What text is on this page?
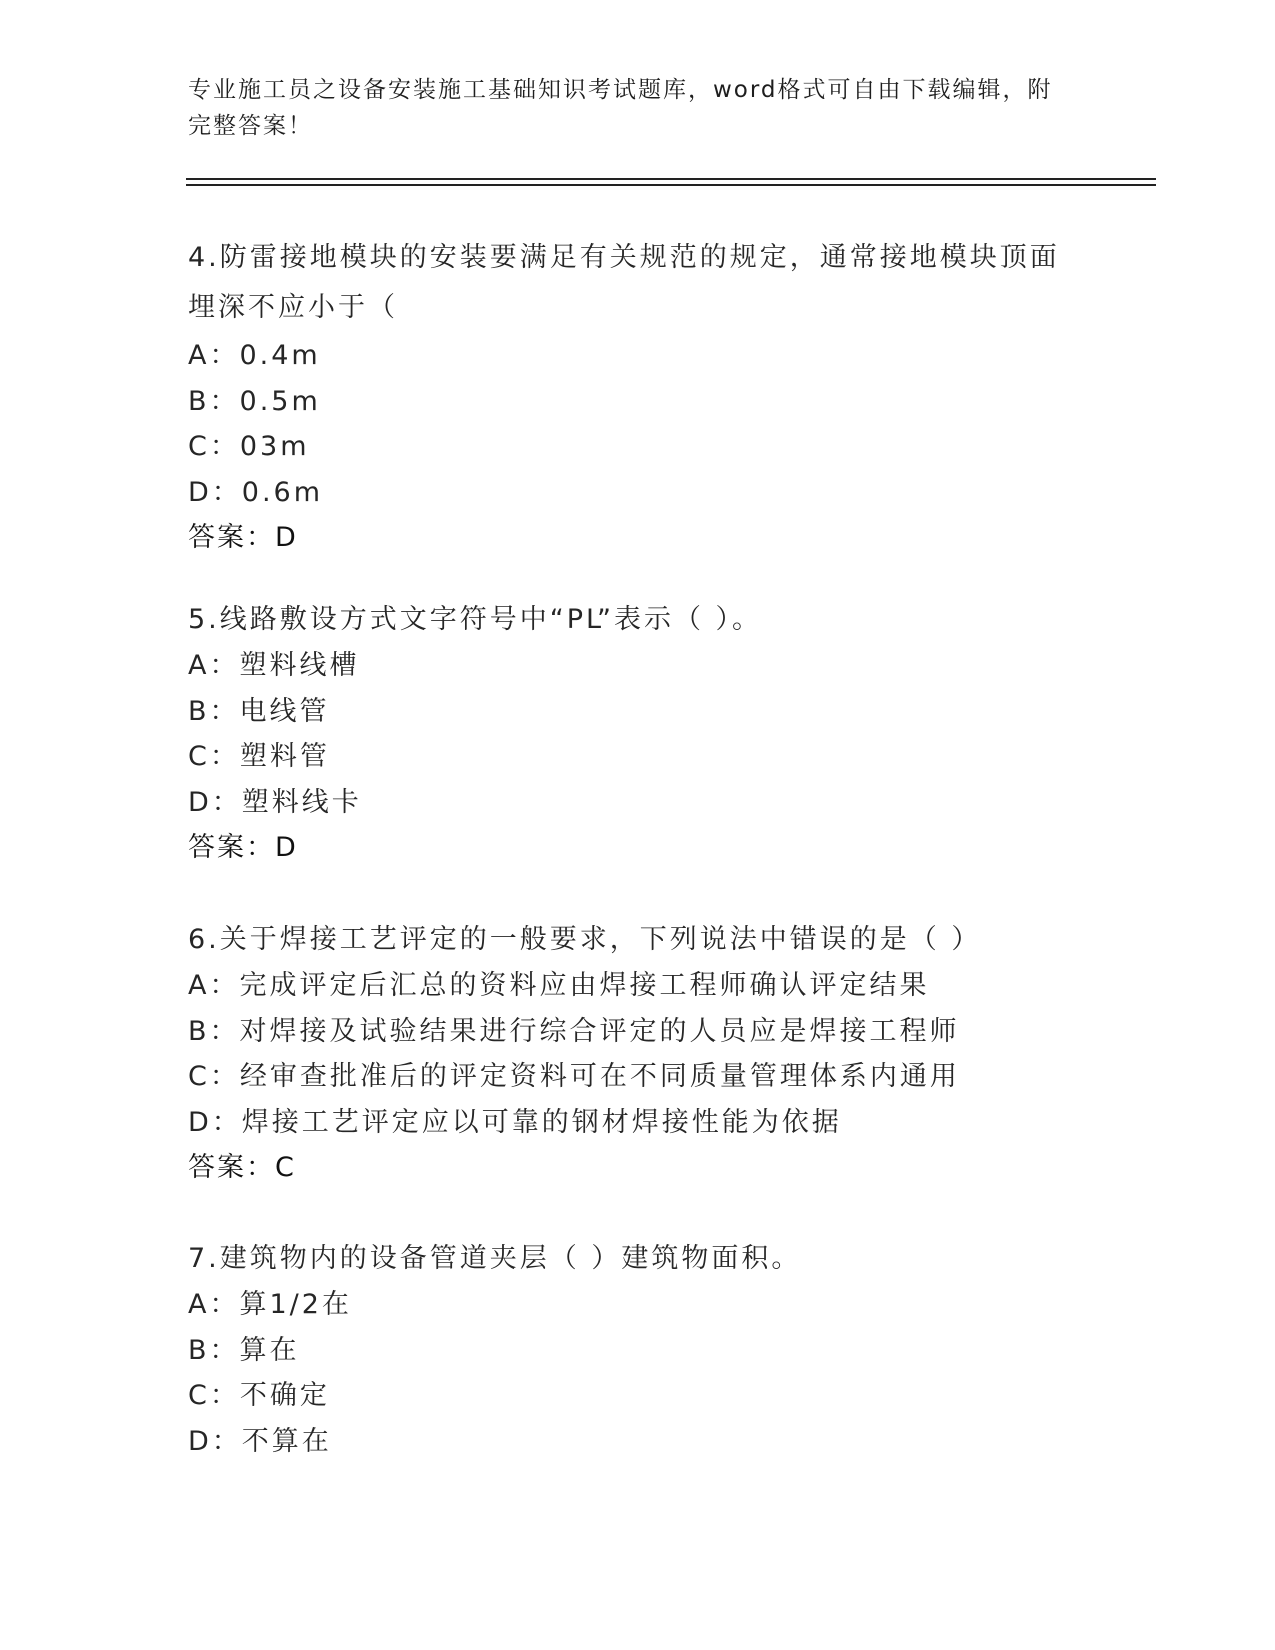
专业施工员之设备安装施工基础知识考试题库，word格式可自由下载编辑，附完整答案！
4.防雷接地模块的安装要满足有关规范的规定，通常接地模块顶面埋深不应小于（
A：0.4m
B：0.5m
C：03m
D：0.6m
答案：D
5.线路敷设方式文字符号中“PL”表示（ ）。
A：塑料线槽
B：电线管
C：塑料管
D：塑料线卡
答案：D
6.关于焊接工艺评定的一般要求，下列说法中错误的是（ ）
A：完成评定后汇总的资料应由焊接工程师确认评定结果
B：对焊接及试验结果进行综合评定的人员应是焊接工程师
C：经审查批准后的评定资料可在不同质量管理体系内通用
D：焊接工艺评定应以可靠的钢材焊接性能为依据
答案：C
7.建筑物内的设备管道夹层（ ）建筑物面积。
A：算1/2在
B：算在
C：不确定
D：不算在
